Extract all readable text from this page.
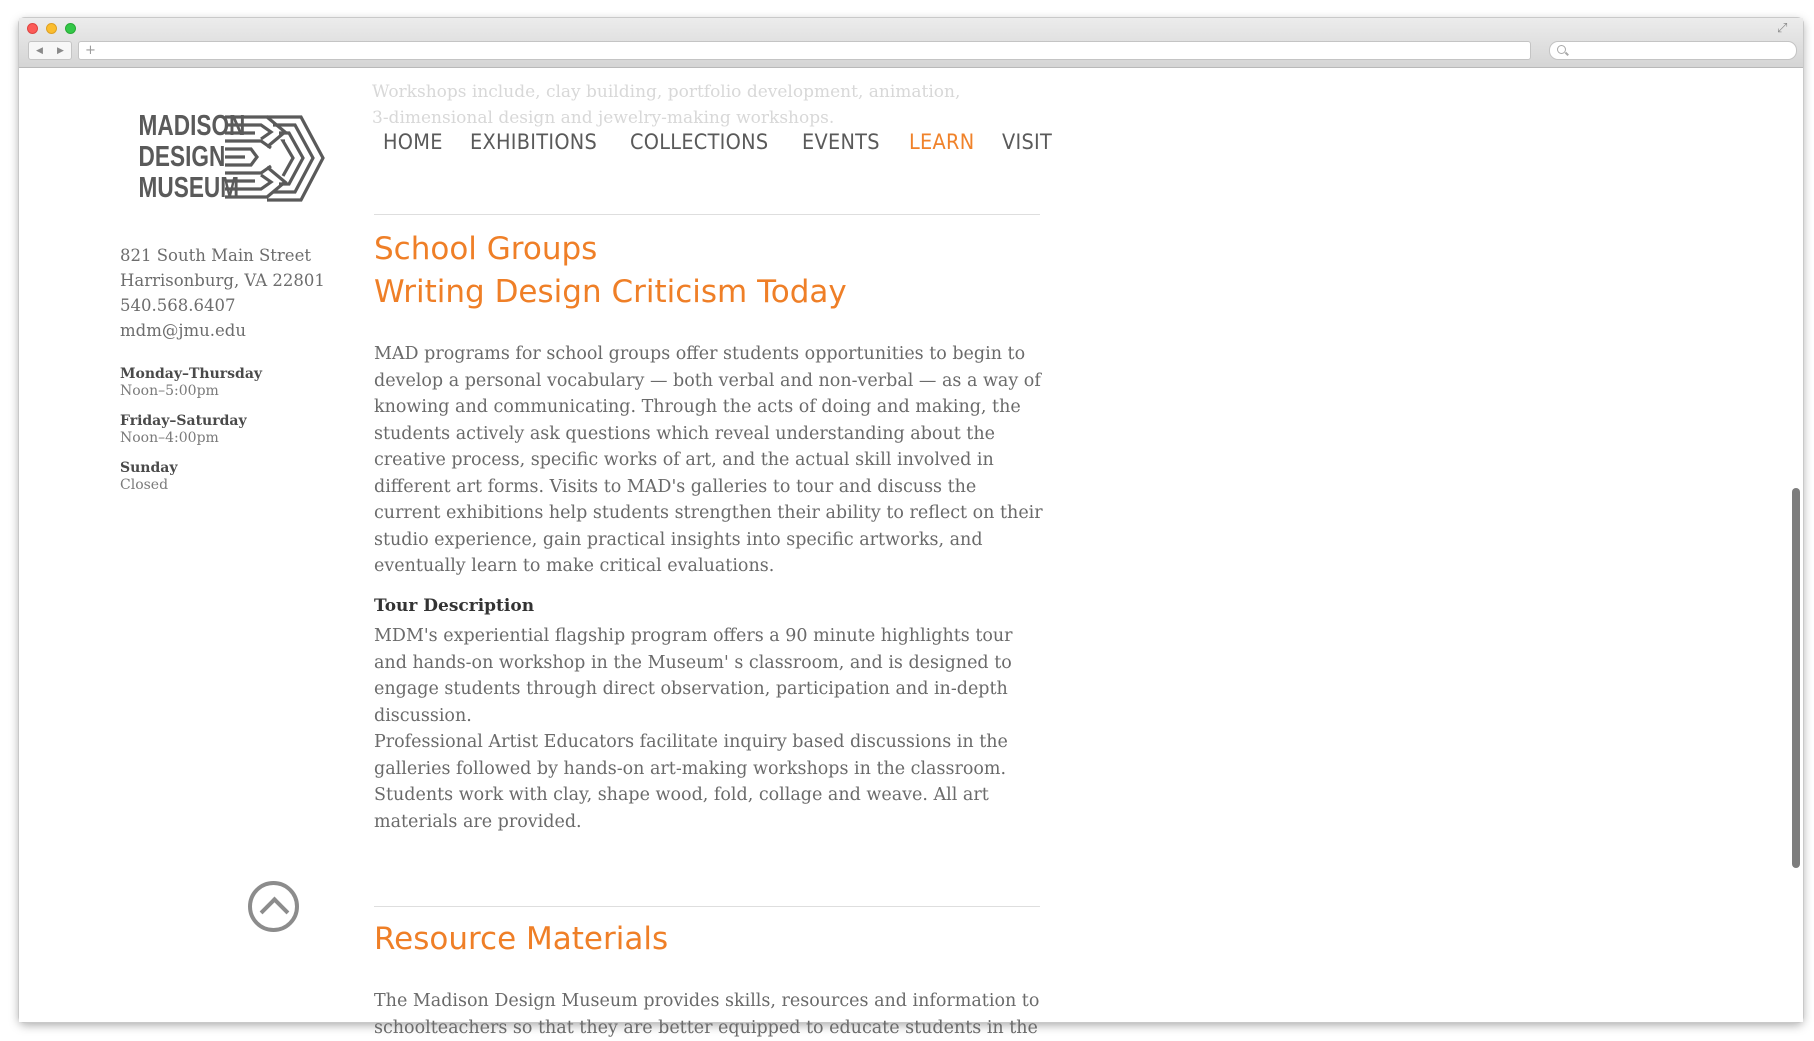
⤢
◀ ▶ +
Workshops include, clay building, portfolio development, animation, 3-dimensional design and jewelry-making workshops.
MADISON
DESIGN
MUSEUM
HOME EXHIBITIONS COLLECTIONS EVENTS LEARN VISIT
821 South Main Street
Harrisonburg, VA 22801
540.568.6407
mdm@jmu.edu
Monday–Thursday
Noon–5:00pm
Friday–Saturday
Noon–4:00pm
Sunday
Closed
School Groups
Writing Design Criticism Today
MAD programs for school groups offer students opportunities to begin to develop a personal vocabulary — both verbal and non-verbal — as a way of knowing and communicating. Through the acts of doing and making, the students actively ask questions which reveal understanding about the creative process, specific works of art, and the actual skill involved in different art forms. Visits to MAD's galleries to tour and discuss the current exhibitions help students strengthen their ability to reflect on their studio experience, gain practical insights into specific artworks, and eventually learn to make critical evaluations.
Tour Description
MDM's experiential flagship program offers a 90 minute highlights tour and hands-on workshop in the Museum' s classroom, and is designed to engage students through direct observation, participation and in-depth discussion.
Professional Artist Educators facilitate inquiry based discussions in the galleries followed by hands-on art-making workshops in the classroom. Students work with clay, shape wood, fold, collage and weave. All art materials are provided.
Resource Materials
The Madison Design Museum provides skills, resources and information to schoolteachers so that they are better equipped to educate students in the
